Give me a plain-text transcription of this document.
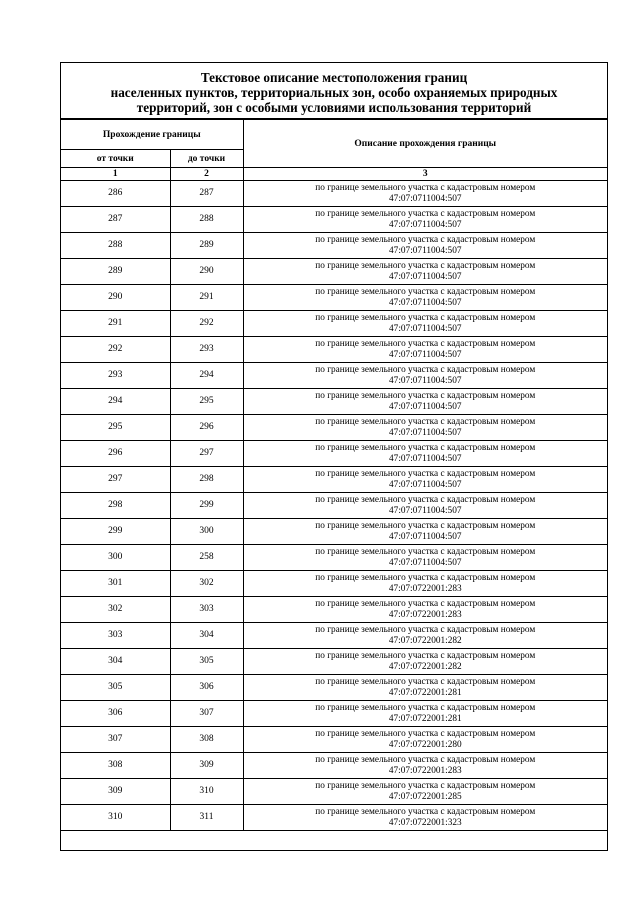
Текстовое описание местоположения границ
населенных пунктов, территориальных зон, особо охраняемых природных
территорий, зон с особыми условиями использования территорий
Прохождение границы		Описание прохождения границы
от точки	до точки	
1	2	3
286	287	по границе земельного участка с кадастровым номером
47:07:0711004:507

287	288	по границе земельного участка с кадастровым номером
47:07:0711004:507

288	289	по границе земельного участка с кадастровым номером
47:07:0711004:507

289	290	по границе земельного участка с кадастровым номером
47:07:0711004:507

290	291	по границе земельного участка с кадастровым номером
47:07:0711004:507

291	292	по границе земельного участка с кадастровым номером
47:07:0711004:507

292	293	по границе земельного участка с кадастровым номером
47:07:0711004:507

293	294	по границе земельного участка с кадастровым номером
47:07:0711004:507

294	295	по границе земельного участка с кадастровым номером
47:07:0711004:507

295	296	по границе земельного участка с кадастровым номером
47:07:0711004:507

296	297	по границе земельного участка с кадастровым номером
47:07:0711004:507

297	298	по границе земельного участка с кадастровым номером
47:07:0711004:507

298	299	по границе земельного участка с кадастровым номером
47:07:0711004:507

299	300	по границе земельного участка с кадастровым номером
47:07:0711004:507

300	258	по границе земельного участка с кадастровым номером
47:07:0711004:507

301	302	по границе земельного участка с кадастровым номером
47:07:0722001:283

302	303	по границе земельного участка с кадастровым номером
47:07:0722001:283

303	304	по границе земельного участка с кадастровым номером
47:07:0722001:282

304	305	по границе земельного участка с кадастровым номером
47:07:0722001:282

305	306	по границе земельного участка с кадастровым номером
47:07:0722001:281

306	307	по границе земельного участка с кадастровым номером
47:07:0722001:281

307	308	по границе земельного участка с кадастровым номером
47:07:0722001:280

308	309	по границе земельного участка с кадастровым номером
47:07:0722001:283

309	310	по границе земельного участка с кадастровым номером
47:07:0722001:285

310	311	по границе земельного участка с кадастровым номером
47:07:0722001:323
